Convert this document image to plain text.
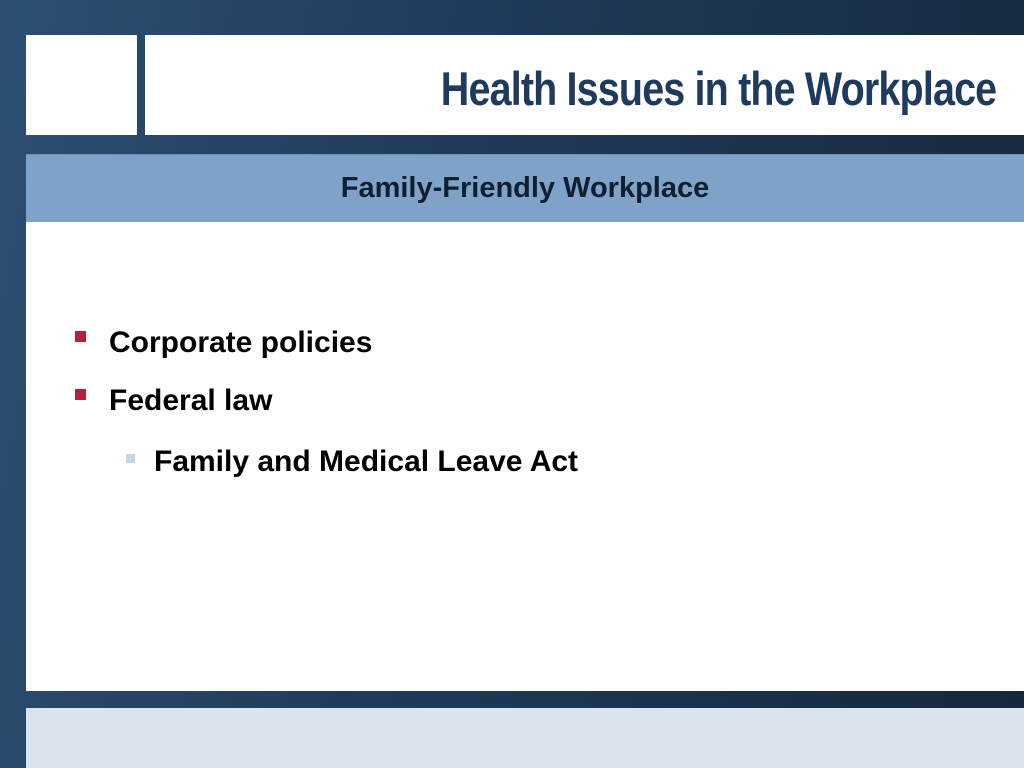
Health Issues in the Workplace
Family-Friendly Workplace
Corporate policies
Federal law
Family and Medical Leave Act
